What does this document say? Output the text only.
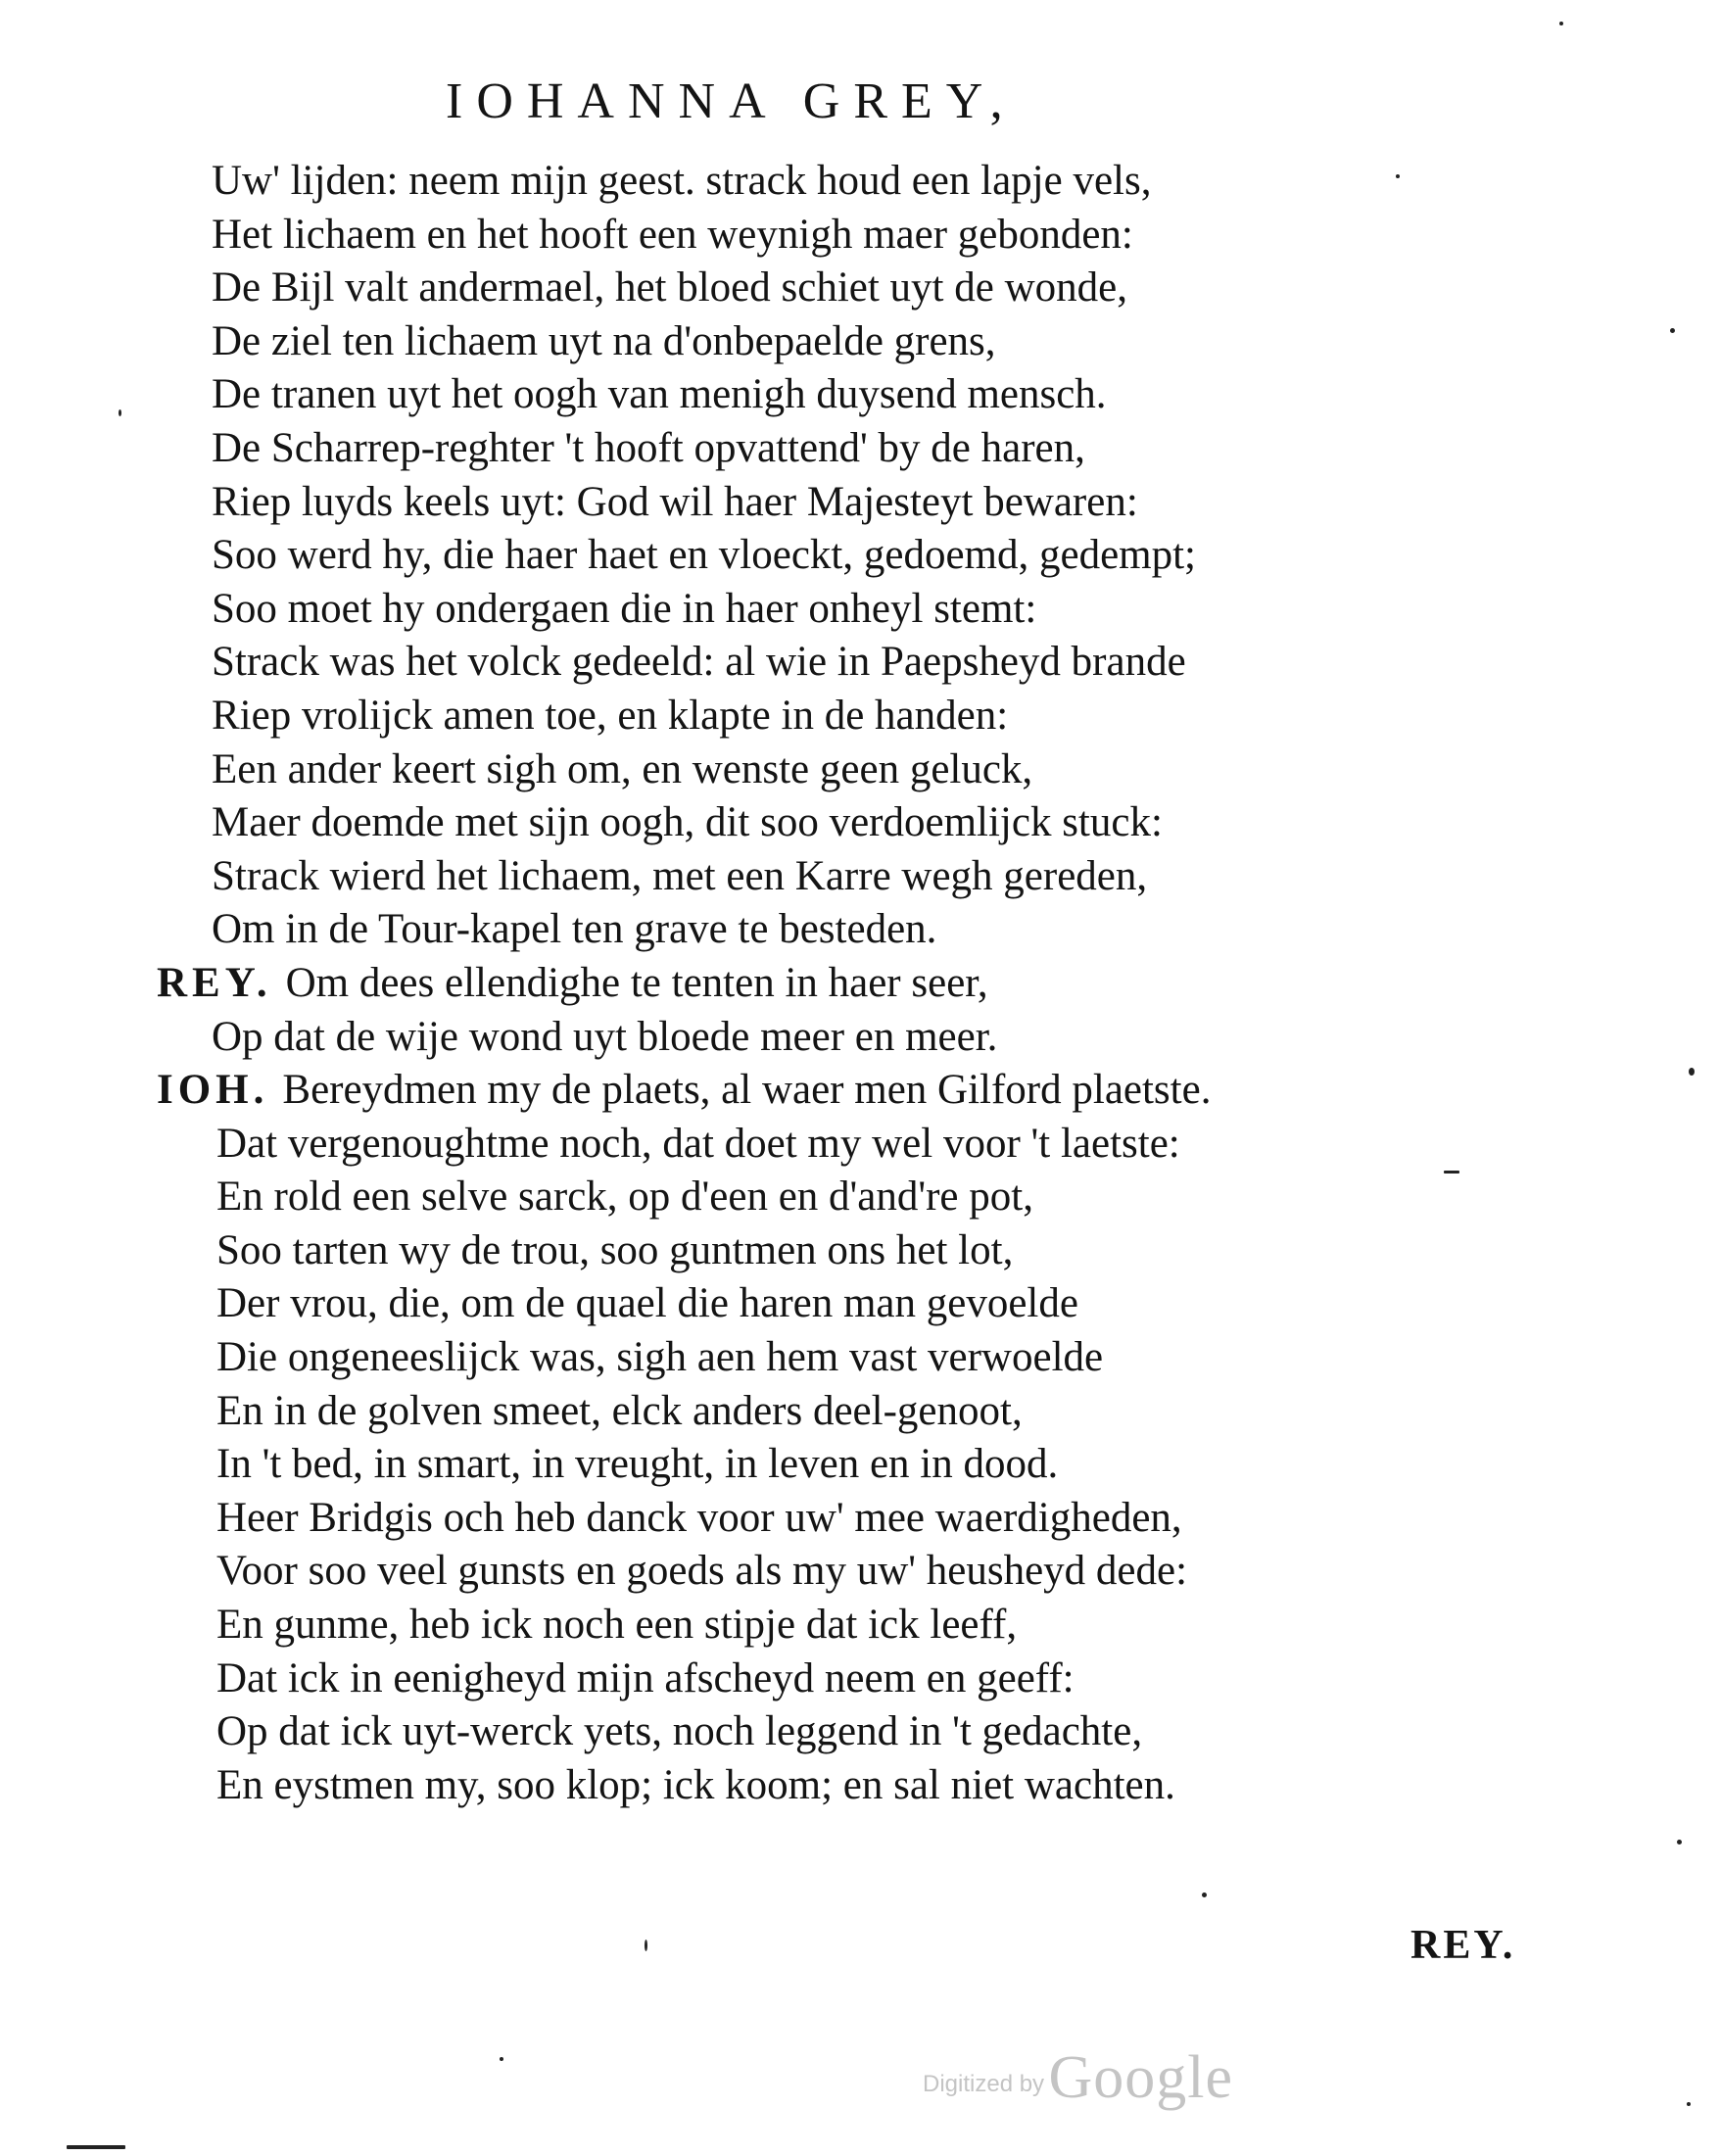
IOHANNA GREY,
Uw' lijden: neem mijn geest. strack houd een lapje vels,
Het lichaem en het hooft een weynigh maer gebonden:
De Bijl valt andermael, het bloed schiet uyt de wonde,
De ziel ten lichaem uyt na d'onbepaelde grens,
De tranen uyt het oogh van menigh duysend mensch.
De Scharrep-reghter 't hooft opvattend' by de haren,
Riep luyds keels uyt: God wil haer Majesteyt bewaren:
Soo werd hy, die haer haet en vloeckt, gedoemd, gedempt;
Soo moet hy ondergaen die in haer onheyl stemt:
Strack was het volck gedeeld: al wie in Paepsheyd brande
Riep vrolijck amen toe, en klapte in de handen:
Een ander keert sigh om, en wenste geen geluck,
Maer doemde met sijn oogh, dit soo verdoemlijck stuck:
Strack wierd het lichaem, met een Karre wegh gereden,
Om in de Tour-kapel ten grave te besteden.
REY. Om dees ellendighe te tenten in haer seer,
Op dat de wije wond uyt bloede meer en meer.
IOH. Bereydmen my de plaets, al waer men Gilford plaetste.
Dat vergenoughtme noch, dat doet my wel voor 't laetste:
En rold een selve sarck, op d'een en d'and're pot,
Soo tarten wy de trou, soo guntmen ons het lot,
Der vrou, die, om de quael die haren man gevoelde
Die ongeneeslijck was, sigh aen hem vast verwoelde
En in de golven smeet, elck anders deel-genoot,
In 't bed, in smart, in vreught, in leven en in dood.
Heer Bridgis och heb danck voor uw' mee waerdigheden,
Voor soo veel gunsts en goeds als my uw' heusheyd dede:
En gunme, heb ick noch een stipje dat ick leeff,
Dat ick in eenigheyd mijn afscheyd neem en geeff:
Op dat ick uyt-werck yets, noch leggend in 't gedachte,
En eystmen my, soo klop; ick koom; en sal niet wachten.
REY.
Digitized by Google
